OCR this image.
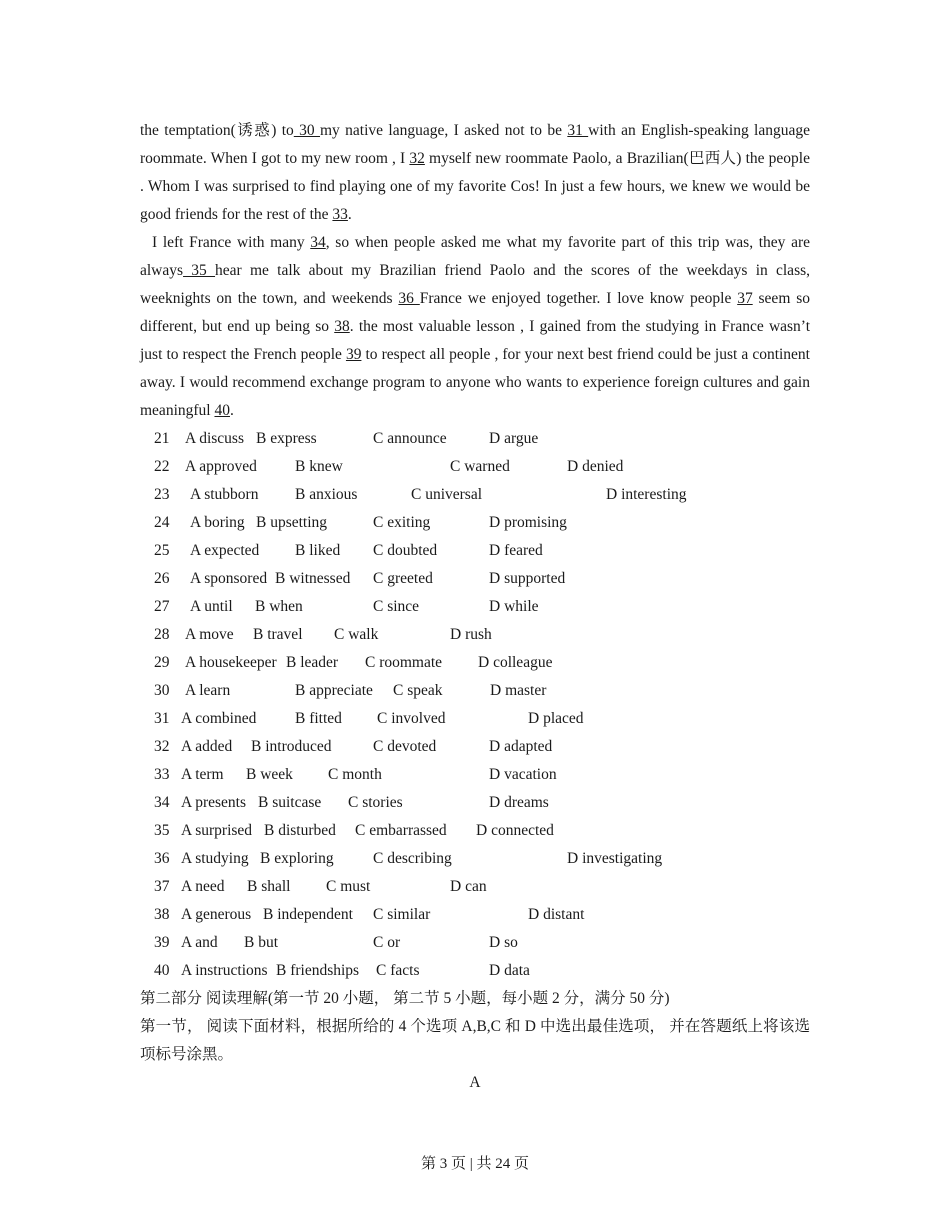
the temptation(诱惑) to 30 my native language, I asked not to be 31 with an English-speaking language roommate. When I got to my new room , I 32 myself new roommate Paolo, a Brazilian(巴西人) the people . Whom I was surprised to find playing one of my favorite Cos! In just a few hours, we knew we would be good friends for the rest of the 33.

I left France with many 34, so when people asked me what my favorite part of this trip was, they are always 35 hear me talk about my Brazilian friend Paolo and the scores of the weekdays in class, weeknights on the town, and weekends 36 France we enjoyed together. I love know people 37 seem so different, but end up being so 38. the most valuable lesson , I gained from the studying in France wasn’t just to respect the French people 39 to respect all people , for your next best friend could be just a continent away. I would recommend exchange program to anyone who wants to experience foreign cultures and gain meaningful 40.

21 A discuss B express	C announce	D argue
22 A approved B knew	C warned	D denied
23 A stubborn B anxious	C universal	D interesting
24 A boring B upsetting	C exiting	D promising
25 A expected B liked C doubted	D feared
26 A sponsored B witnessed C greeted	D supported
27 A until B when	C since	D while
28 A move B travel C walk	D rush
29 A housekeeper B leader C roommate D colleague
30 A learn	B appreciate C speak	D master
31 A combined B fitted C involved	D placed
32 A added B introduced	C devoted	D adapted
33 A term B week C month	D vacation
34 A presents B suitcase C stories	D dreams
35 A surprised B disturbed C embarrassed D connected
36 A studying B exploring	C describing	D investigating
37 A need B shall C must	D can
38 A generous B independent C similar	D distant
39 A and B but	C or	D so
40 A instructions B friendships C facts	D data

第二部分 阅读理解(第一节 20 小题， 第二节 5 小题，每小题 2 分，满分 50 分)

第一节， 阅读下面材料，根据所给的 4 个选项 A,B,C 和 D 中选出最佳选项， 并在答题纸上将该选项标号涂黑。

A

第 3 页 | 共 24 页
